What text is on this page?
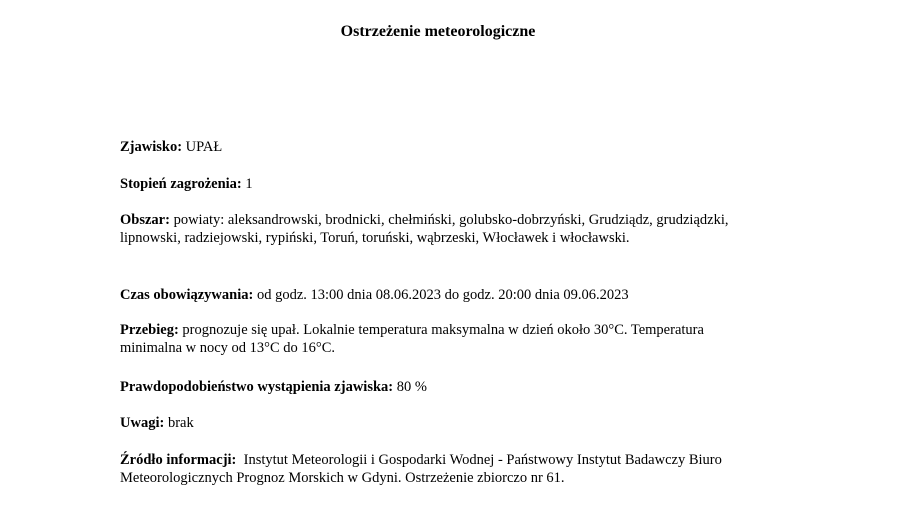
Ostrzeżenie meteorologiczne
Zjawisko: UPAŁ
Stopień zagrożenia: 1
Obszar: powiaty: aleksandrowski, brodnicki, chełmiński, golubsko-dobrzyński, Grudziądz, grudziądzki, lipnowski, radziejowski, rypiński, Toruń, toruński, wąbrzeski, Włocławek i włocławski.
Czas obowiązywania: od godz. 13:00 dnia 08.06.2023 do godz. 20:00 dnia 09.06.2023
Przebieg: prognozuje się upał. Lokalnie temperatura maksymalna w dzień około 30°C. Temperatura minimalna w nocy od 13°C do 16°C.
Prawdopodobieństwo wystąpienia zjawiska: 80 %
Uwagi: brak
Źródło informacji:  Instytut Meteorologii i Gospodarki Wodnej - Państwowy Instytut Badawczy Biuro Meteorologicznych Prognoz Morskich w Gdyni. Ostrzeżenie zbiorczo nr 61.
